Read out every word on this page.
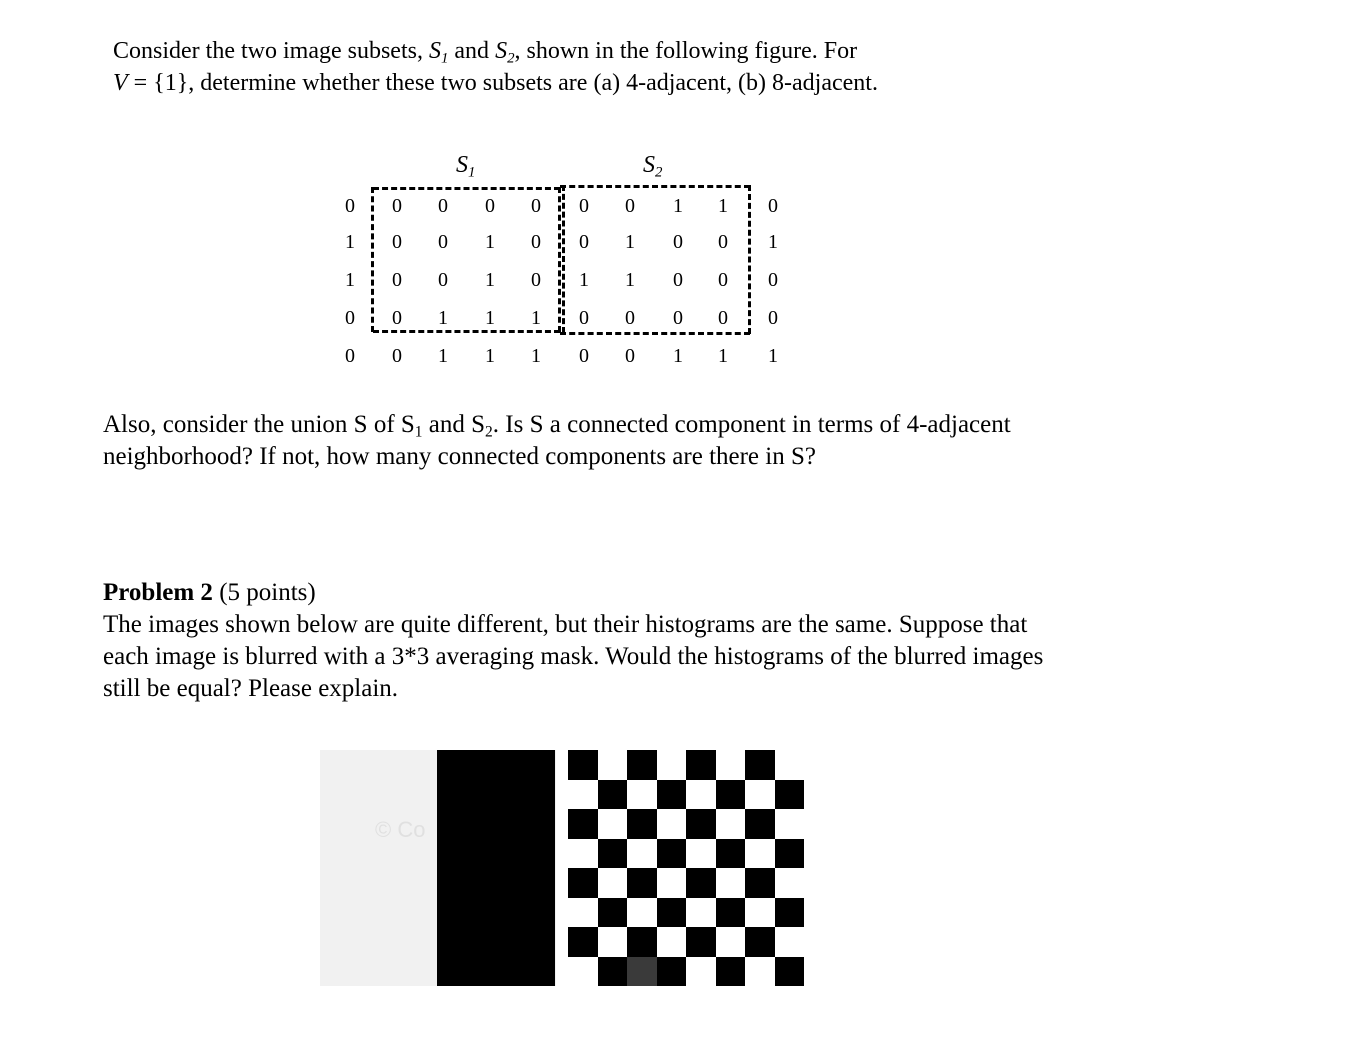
Consider the two image subsets, $S_1$ and $S_2$, shown in the following figure. For
V = {1}, determine whether these two subsets are (a) 4-adjacent, (b) 8-adjacent.

$S_1$	$S_2$
0	0	0	0	0	0	0	1	1	0
1	0	0	1	0	0	1	0	0	1
1	0	0	1	0	1	1	0	0	0
0	0	1	1	1	0	0	0	0	0
0	0	1	1	1	0	0	1	1	1

Also, consider the union S of $S_1$ and $S_2$. Is S a connected component in terms of 4-adjacent neighborhood? If not, how many connected components are there in S?

Problem 2 (5 points)
The images shown below are quite different, but their histograms are the same. Suppose that each image is blurred with a 3*3 averaging mask. Would the histograms of the blurred images still be equal? Please explain.

© Co
